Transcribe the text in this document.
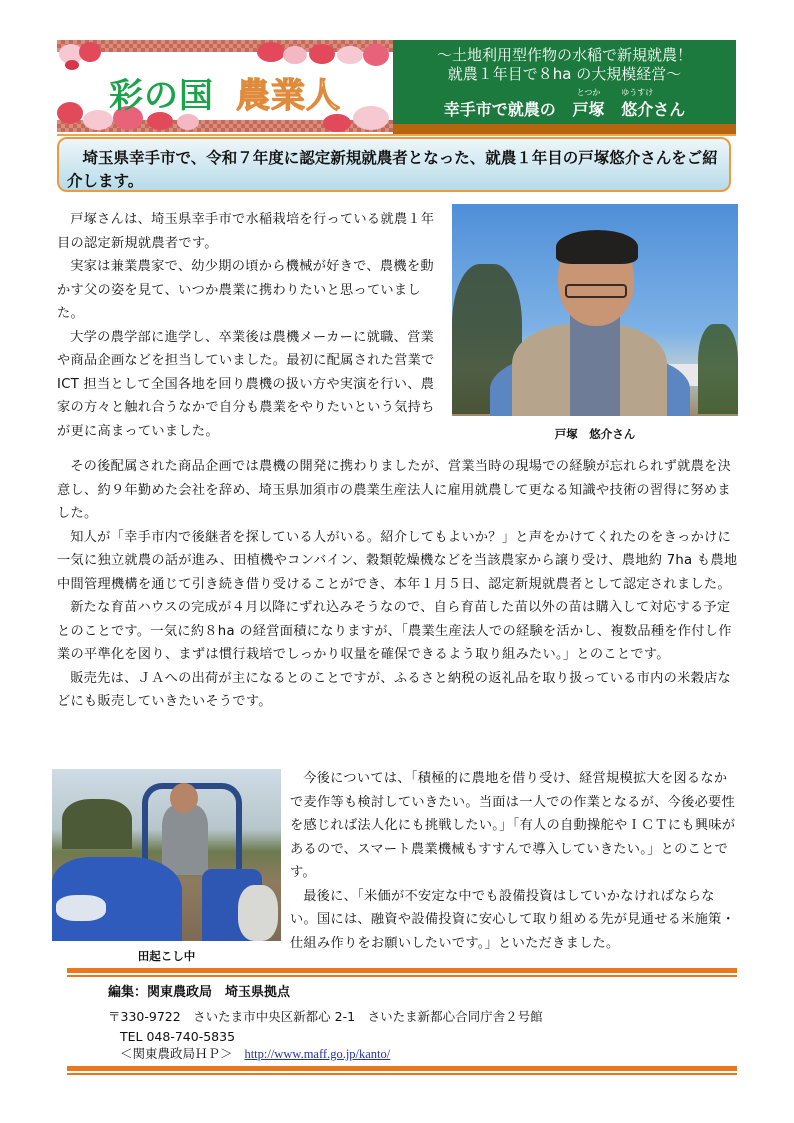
彩の国 農業人
～土地利用型作物の水稲で新規就農！
就農１年目で８ha の大規模経営～
幸手市で就農の
とつか
戸塚
ゆうすけ
悠介さん
　埼玉県幸手市で、令和７年度に認定新規就農者となった、就農１年目の戸塚悠介さんをご紹介します。

戸塚さんは、埼玉県幸手市で水稲栽培を行っている就農１年目の認定新規就農者です。

実家は兼業農家で、幼少期の頃から機械が好きで、農機を動かす父の姿を見て、いつか農業に携わりたいと思っていました。

大学の農学部に進学し、卒業後は農機メーカーに就職、営業や商品企画などを担当していました。最初に配属された営業で ICT 担当として全国各地を回り農機の扱い方や実演を行い、農家の方々と触れ合うなかで自分も農業をやりたいという気持ちが更に高まっていました。	戸塚　悠介さん

その後配属された商品企画では農機の開発に携わりましたが、営業当時の現場での経験が忘れられず就農を決意し、約９年勤めた会社を辞め、埼玉県加須市の農業生産法人に雇用就農して更なる知識や技術の習得に努めました。

知人が「幸手市内で後継者を探している人がいる。紹介してもよいか？」と声をかけてくれたのをきっかけに一気に独立就農の話が進み、田植機やコンバイン、穀類乾燥機などを当該農家から譲り受け、農地約 7ha も農地中間管理機構を通じて引き続き借り受けることができ、本年１月５日、認定新規就農者として認定されました。

新たな育苗ハウスの完成が４月以降にずれ込みそうなので、自ら育苗した苗以外の苗は購入して対応する予定とのことです。一気に約８ha の経営面積になりますが、「農業生産法人での経験を活かし、複数品種を作付し作業の平準化を図り、まずは慣行栽培でしっかり収量を確保できるよう取り組みたい。」とのことです。

販売先は、ＪＡへの出荷が主になるとのことですが、ふるさと納税の返礼品を取り扱っている市内の米穀店などにも販売していきたいそうです。

田起こし中

今後については、「積極的に農地を借り受け、経営規模拡大を図るなかで麦作等も検討していきたい。当面は一人での作業となるが、今後必要性を感じれば法人化にも挑戦したい。」「有人の自動操舵やＩＣＴにも興味があるので、スマート農業機械もすすんで導入していきたい。」とのことです。

最後に、「米価が不安定な中でも設備投資はしていかなければならない。国には、融資や設備投資に安心して取り組める先が見通せる米施策・仕組み作りをお願いしたいです。」といただきました。

編集：関東農政局　埼玉県拠点
〒330-9722　さいたま市中央区新都心 2-1　さいたま新都心合同庁舎２号館
TEL 048-740-5835
＜関東農政局ＨＰ＞ http://www.maff.go.jp/kanto/
